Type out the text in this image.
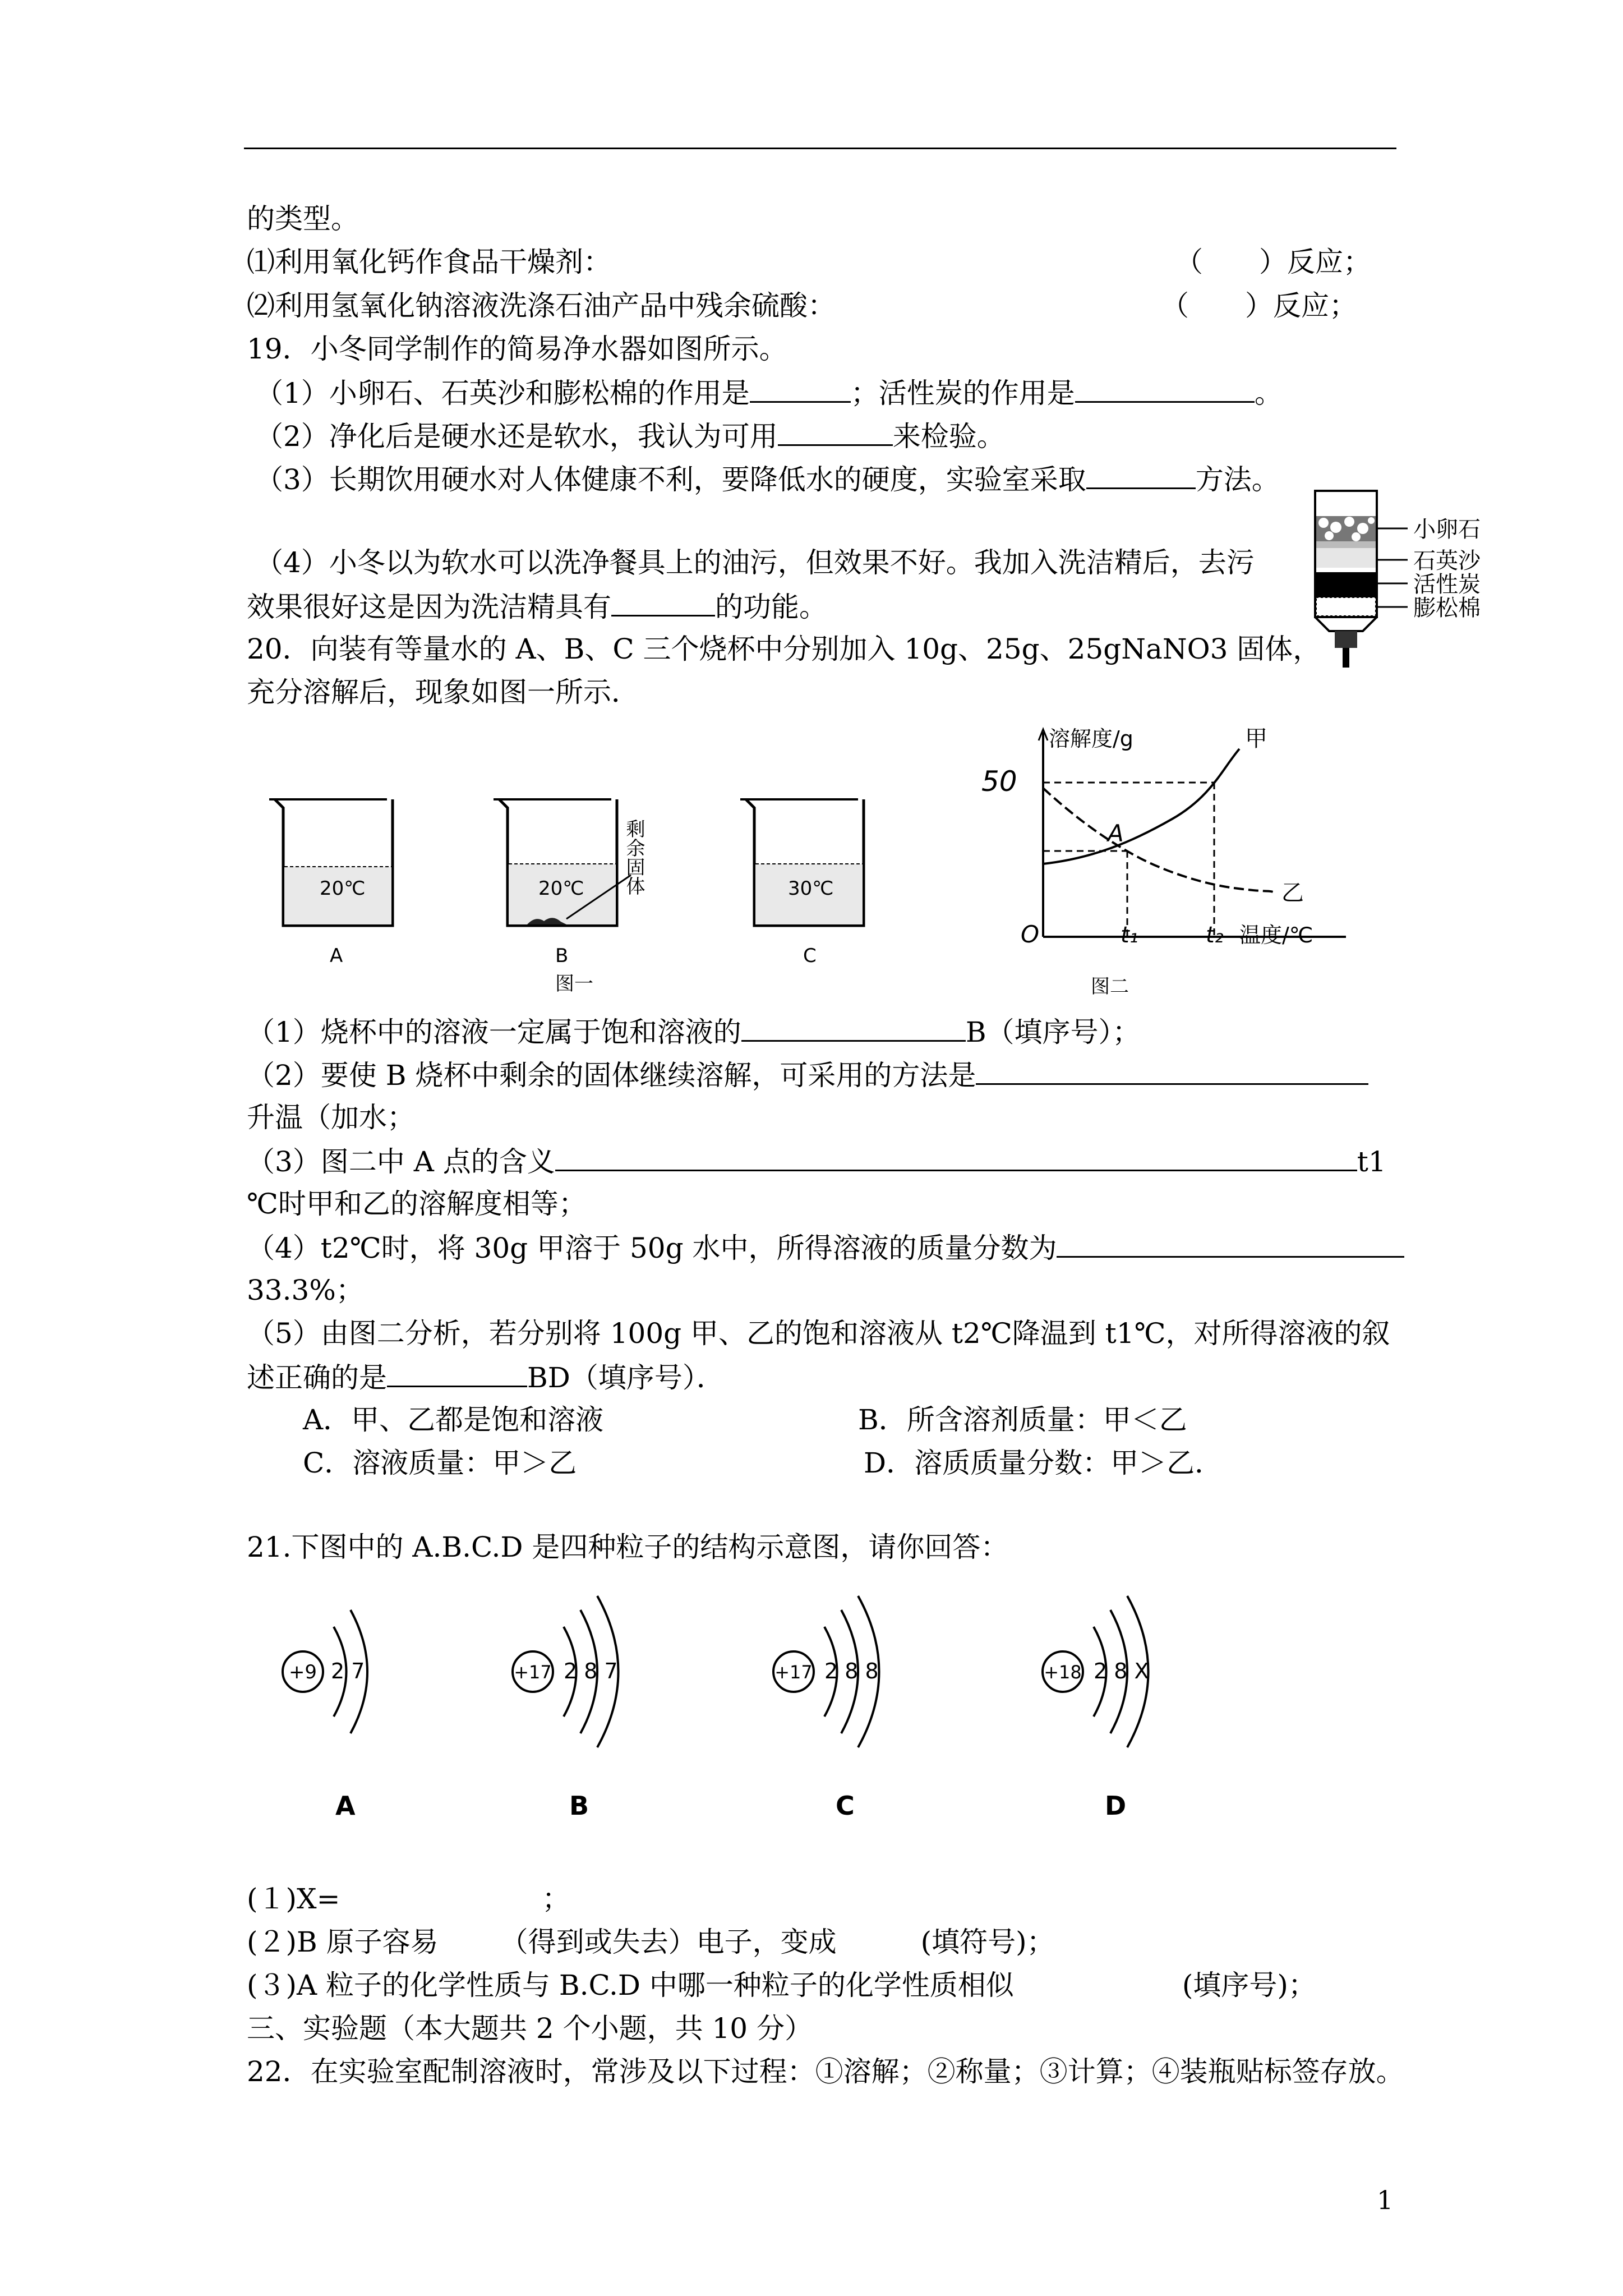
的类型。
⑴利用氧化钙作食品干燥剂：	（　　）反应；
⑵利用氢氧化钠溶液洗涤石油产品中残余硫酸：	（　　）反应；
19．小冬同学制作的简易净水器如图所示。
（1）小卵石、石英沙和膨松棉的作用是	；活性炭的作用是	。
（2）净化后是硬水还是软水，我认为可用	来检验。
（3）长期饮用硬水对人体健康不利，要降低水的硬度，实验室采取	方法。
（4）小冬以为软水可以洗净餐具上的油污，但效果不好。我加入洗洁精后，去污
效果很好这是因为洗洁精具有	的功能。
小卵石
石英沙
活性炭
膨松棉
20．向装有等量水的 A、B、C 三个烧杯中分别加入 10g、25g、25gNaNO3 固体，
充分溶解后，现象如图一所示．
20℃
A
20℃
B
剩余固体	30℃
C
图一
溶解度/g
50
甲
乙
A
O	t₁	t₂ 温度/℃
图二
（1）烧杯中的溶液一定属于饱和溶液的	B（填序号）；
（2）要使 B 烧杯中剩余的固体继续溶解，可采用的方法是
升温（加水；
（3）图二中 A 点的含义	t1
℃时甲和乙的溶解度相等；
（4）t2℃时，将 30g 甲溶于 50g 水中，所得溶液的质量分数为
33.3%；
（5）由图二分析，若分别将 100g 甲、乙的饱和溶液从 t2℃降温到 t1℃，对所得溶液的叙
述正确的是	BD（填序号）．
A．甲、乙都是饱和溶液	B．所含溶剂质量：甲＜乙
C．溶液质量：甲＞乙	D．溶质质量分数：甲＞乙．
21.下图中的 A.B.C.D 是四种粒子的结构示意图，请你回答：
+9 2 7
A
+17 2 8 7
B
+17 2 8 8
C
+18 2 8 X
D
(１)X=	；
(２)B 原子容易 （得到或失去）电子，变成	(填符号)；
(３)A 粒子的化学性质与 B.C.D 中哪一种粒子的化学性质相似	(填序号)；
三、实验题（本大题共 2 个小题，共 10 分）
22．在实验室配制溶液时，常涉及以下过程：①溶解；②称量；③计算；④装瓶贴标签存放。
1
